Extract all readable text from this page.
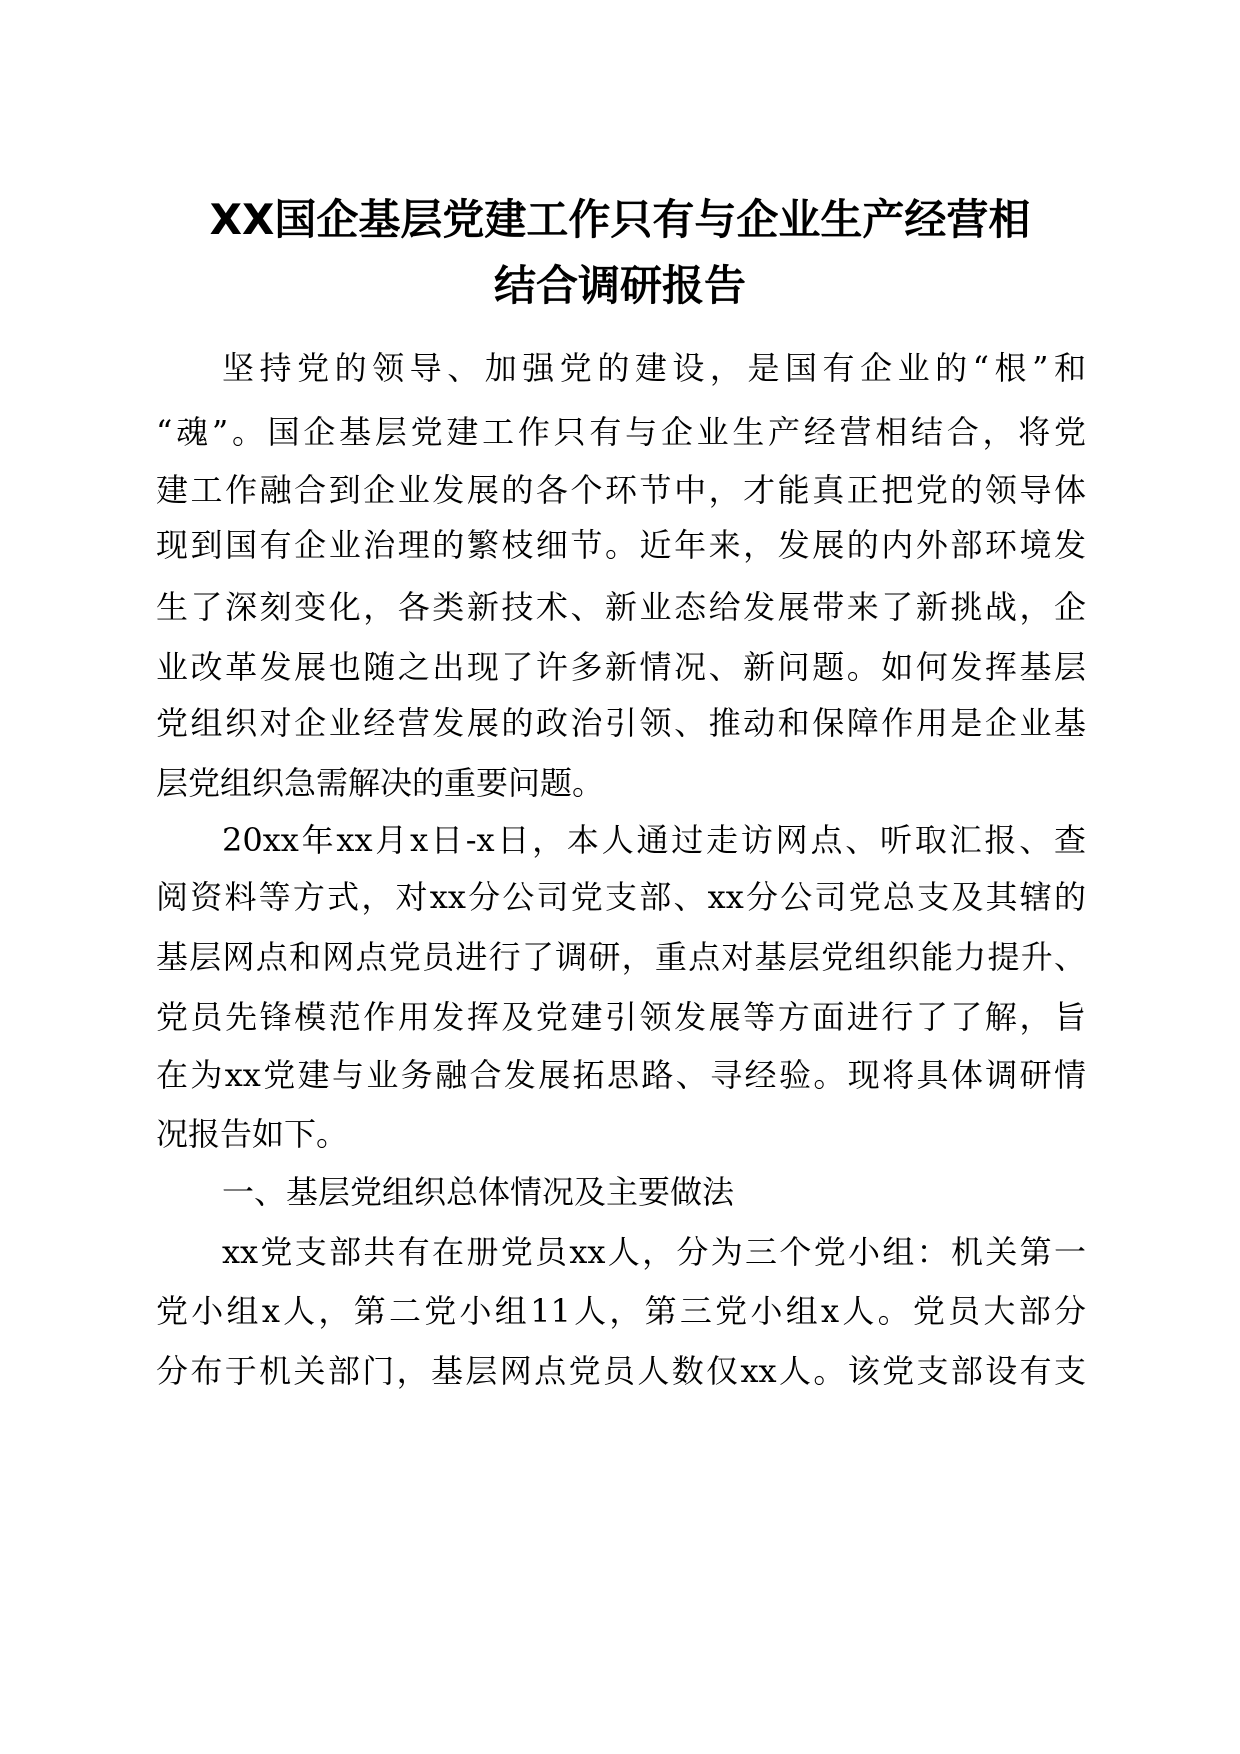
XX国企基层党建工作只有与企业生产经营相
结合调研报告
坚持党的领导、加强党的建设，是国有企业的“根”和
“魂”。国企基层党建工作只有与企业生产经营相结合，将党
建工作融合到企业发展的各个环节中，才能真正把党的领导体
现到国有企业治理的繁枝细节。近年来，发展的内外部环境发
生了深刻变化，各类新技术、新业态给发展带来了新挑战，企
业改革发展也随之出现了许多新情况、新问题。如何发挥基层
党组织对企业经营发展的政治引领、推动和保障作用是企业基
层党组织急需解决的重要问题。
20xx年xx月x日-x日，本人通过走访网点、听取汇报、查
阅资料等方式，对xx分公司党支部、xx分公司党总支及其辖的
基层网点和网点党员进行了调研，重点对基层党组织能力提升、
党员先锋模范作用发挥及党建引领发展等方面进行了了解，旨
在为xx党建与业务融合发展拓思路、寻经验。现将具体调研情
况报告如下。
一、基层党组织总体情况及主要做法
xx党支部共有在册党员xx人，分为三个党小组：机关第一
党小组x人，第二党小组11人，第三党小组x人。党员大部分
分布于机关部门，基层网点党员人数仅xx人。该党支部设有支
